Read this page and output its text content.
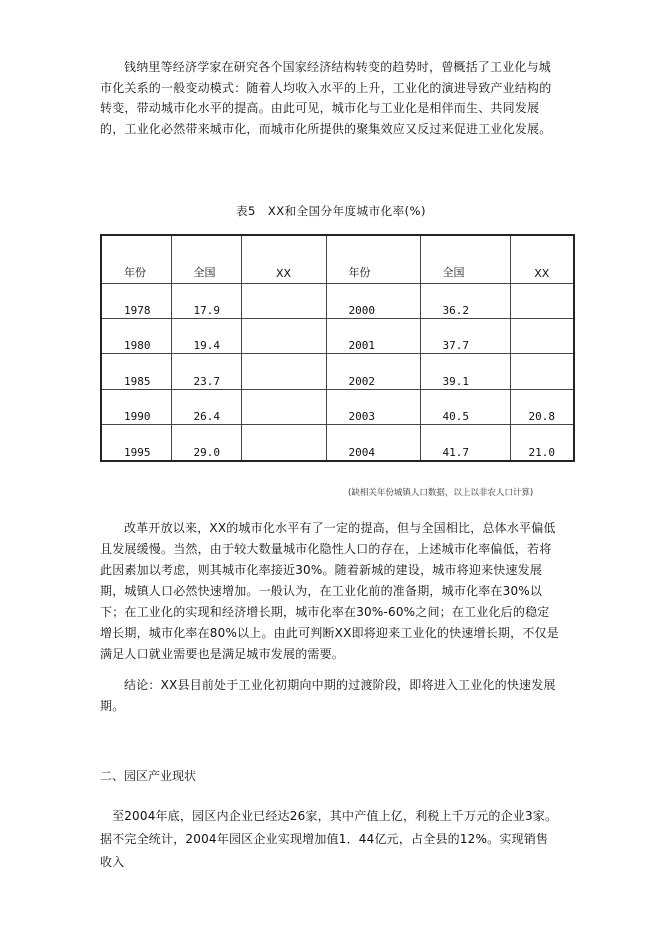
钱纳里等经济学家在研究各个国家经济结构转变的趋势时，曾概括了工业化与城市化关系的一般变动模式：随着人均收入水平的上升，工业化的演进导致产业结构的转变，带动城市化水平的提高。由此可见，城市化与工业化是相伴而生、共同发展的，工业化必然带来城市化，而城市化所提供的聚集效应又反过来促进工业化发展。

表5　XX和全国分年度城市化率(%)
年份	全国	XX	年份	全国	XX
1978	17.9		2000	36.2	
1980	19.4		2001	37.7	
1985	23.7		2002	39.1	
1990	26.4		2003	40.5	20.8
1995	29.0		2004	41.7	21.0
(缺相关年份城镇人口数据，以上以非农人口计算)

改革开放以来，XX的城市化水平有了一定的提高，但与全国相比，总体水平偏低且发展缓慢。当然，由于较大数量城市化隐性人口的存在，上述城市化率偏低，若将此因素加以考虑，则其城市化率接近30%。随着新城的建设，城市将迎来快速发展期，城镇人口必然快速增加。一般认为，在工业化前的准备期，城市化率在30%以下；在工业化的实现和经济增长期，城市化率在30%-60%之间；在工业化后的稳定增长期，城市化率在80%以上。由此可判断XX即将迎来工业化的快速增长期，不仅是满足人口就业需要也是满足城市发展的需要。

结论：XX县目前处于工业化初期向中期的过渡阶段，即将进入工业化的快速发展期。

二、园区产业现状

至2004年底，园区内企业已经达26家，其中产值上亿，利税上千万元的企业3家。据不完全统计，2004年园区企业实现增加值1．44亿元，占全县的12%。实现销售收入
